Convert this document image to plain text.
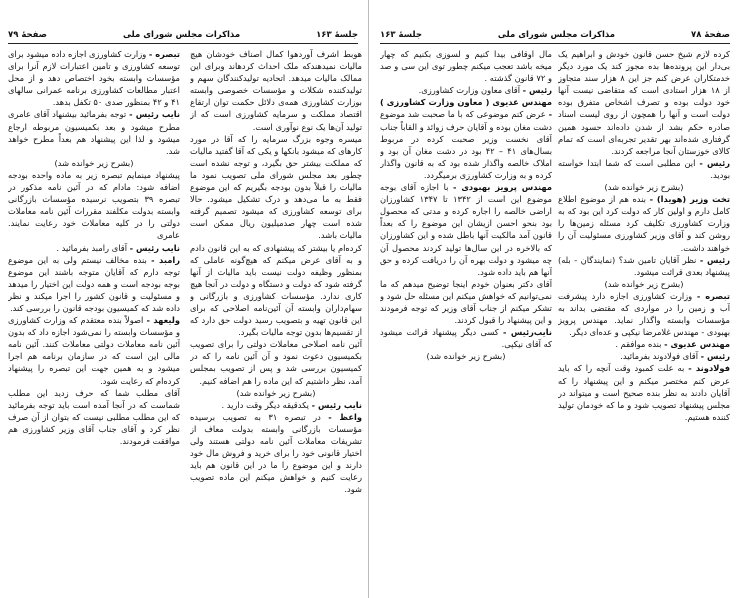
جلسهٔ ۱۶۳
مذاکرات مجلس شورای ملی
صفحهٔ ۷۹

تبصره - وزارت کشاورزی اجازه داده میشود برای توسعه کشاورزی و تامین اعتبارات لازم آنرا برای مؤسسات وابسته بخود اختصاص دهد و از محل اعتبار مطالعات کشاورزی برنامه عمرانی سالهای ۴۱ و ۴۲ بمنظور صدی ۵۰ تکفل بدهد.

نایب رئیس - توجه بفرمائید بیشنهاد آقای عامری مطرح میشود و بعد بکمیسیون مربوطه ارجاع میشود و لذا این پیشنهاد هم بعداً مطرح خواهد شد.

(بشرح زیر خوانده شد)

پیشنهاد مینمایم تبصره زیر به ماده واحده بودجه اضافه شود: مادام که در آئین نامه مذکور در تبصره ۳۹ بتصویب نرسیده مؤسسات بازرگانی وابسته بدولت مکلفند مقررات آئین نامه معاملات دولتی را در کلیه معاملات خود رعایت نمایند. عامری

نایب رئیس - آقای رامبد بفرمائید .

رامبد - بنده مخالف نیستم ولی به این موضوع توجه دارم که آقایان متوجه باشند این موضوع بوجه بودجه است و همه دولت این اختیار را میدهد و مسئولیت و قانون کشور را اجرا میکند و نظر داده شد که کمیسیون بودجه قانون را بررسی کند.

ولیعهد - اصولاً بنده معتقدم که وزارت کشاورزی و مؤسسات وابسته را نمی‌شود اجازه داد که بدون آئین نامه معاملات دولتی معاملات کنند. آئین نامه مالی این است که در سازمان برنامه هم اجرا میشود و به همین جهت این تبصره را پیشنهاد کرده‌ام که رعایت شود.

آقای مطلب شما که حرف زدید این مطلب شماست که در آنجا آمده است باید توجه بفرمائید که این مطلب مطلبی نیست که بتوان از آن صرف نظر کرد و آقای جناب آقای وزیر کشاورزی هم موافقت فرمودند.

هوبط اشرف آوردهوا کمال اصناف خودشان هیچ مالیات نمیدهندکه ملک احداث کردهاند وبرای این ممالک مالیات میدهد. اتحادیه تولیدکنندگان سهم و تولیدکننده شکلات و مؤسسات خصوصی وابسته بوزارت کشاورزی همه‌ی دلائل حکمت توان ارتقاع اقتصاد مملکت و سرمایه کشاورزی است که از تولید آن‌ها یک نوع نوآوری است.

میسره وجوه بزرگ سرمایه را که آقا در مورد کارهای که میشود بانکها و یکی که آقا گفتید مالیات که مملکت بیشتر حق بگیرد، و توجه نشده است چطور بعد مجلس شورای ملی تصویب نمود ما مالیات را قبلاً بدون بودجه بگیریم که این موضوع فقط به ما می‌دهد و درک تشکیل میشود. حالا برای توسعه کشاورزی که میشود تصمیم گرفته شده است چهار صدمیلیون ریال ممکن است مالیات باشد.

کرده‌ام یا بیشتر که پیشنهادی که به این قانون دادم و به آقای عرض میکنم که هیچ‌گونه عاملی که بمنظور وظیفه دولت نیست باید مالیات از آنها گرفته شود که دولت و دستگاه و دولت در آنجا هیچ کاری ندارد. مؤسسات کشاورزی و بازرگانی و سهام‌داران وابسته آن آئین‌نامه اصلاحی که برای این قانون تهیه و بتصویب رسید دولت حق دارد که از تقسیم‌ها بدون توجه مالیات بگیرد.

آئین نامه اصلاحی معاملات دولتی را برای تصویب بکمیسیون دعوت نمود و آن آئین نامه را که در کمیسیون بررسی شد و پس از تصویب بمجلس آمد، نظر داشتیم که این ماده را هم اضافه کنیم.
(بشرح زیر خوانده شد)

نایب رئیس - یکدقیقه دیگر وقت دارید .

واعظ - در تبصره ۳۱ به تصویب برسیده مؤسسات بازرگانی وابسته بدولت معاف از تشریفات معاملات آئین نامه دولتی هستند ولی اختیار قانونی خود را برای خرید و فروش مال خود دارند و این موضوع را ما در این قانون هم باید رعایت کنیم و خواهش میکنم این ماده تصویب شود.

صفحهٔ ۷۸
مذاکرات مجلس شورای ملی
جلسهٔ ۱۶۳

مال اوقافی بیدا کنیم و لسوزی بکنیم که چهار میخه باشد تعجب میکنم چطور توی این سی و صد و ۷۲ قانون گذشته .

رئیس - آقای معاون وزارت کشاورزی.

مهندس عدیوی ( معاون وزارت کشاورزی ) - عرض کنم موضوعی که با ما صحبت شد موضوع دشت مغان بوده و آقایان حرف زوائد و القاباً جناب آقای نخست وزیر صحبت کرده در مربوط بسال‌های ۴۱ – ۴۲ بود در دشت مغان آن بود و املاک خالصه واگذار شده بود که به قانون واگذار کرده و به وزارت کشاورزی برمیگردد.

مهندس پرویز بهبودی - با اجازه آقای بوجه موضوع این است از ۱۳۴۲ تا ۱۳۴۷ کشاورزان اراضی خالصه را اجاره کرده و مدتی که محصول بود بنحو احسن ازیشان این موضوع را که بعداً قانون آمد مالکیت آنها باطل شده و این کشاورزان که بالاخره در این سال‌ها تولید کردند محصول آن چه میشود و دولت بهره آن را دریافت کرده و حق آنها هم باید داده شود.

آقای دکتر بعنوان خودم اینجا توضیح میدهم که ما نمی‌توانیم که خواهش میکنم این مسئله حل شود و تشکر میکنم از جناب آقای وزیر که توجه فرمودند و این پیشنهاد را قبول کردند.

نایب‌رئیس - کسی دیگر پیشنهاد قرائت میشود که آقای نیکپی.

(بشرح زیر خوانده شد)

کرده لازم شیخ حسن قانون خودش و ابراهیم یک بی‌دار این پرونده‌ها بده مجوز کند یک مورد دیگر خدمتکاران عرض کنم جز این ۸ هزار سند متجاوز از ۱۸ هزار استادی است که متقاضی نیست آنها خود دولت بوده و تصرف اشخاص متفرق بوده دولت است و آنها را همچون از روی لیست اسناد صادره حکم بشد از شدن داده‌اند حسود همین گرفتاری شده‌اند بهر تقدیر تجربه‌ای است که تمام کالای خوزستان آنجا مراجعه کردند.

رئیس - این مطلبی است که شما ابتدا خواسته بودید.

(بشرح زیر خوانده شد)

تخت وزیر (هویدا) - بنده هم از موضوع اطلاع کامل دارم و اولین کار که دولت کرد این بود که به وزارت کشاورزی تکلیف کرد مسئله زمین‌ها را روشن کند و آقای وزیر کشاورزی مسئولیت آن را خواهند داشت.

رئیس - نظر آقایان تامین شد؟ (نمایندگان - بله) پیشنهاد بعدی قرائت میشود.

(بشرح زیر خوانده شد)

تبصره - وزارت کشاورزی اجازه دارد پیشرفت آب و زمین را در مواردی که مقتضی بداند به مؤسسات وابسته واگذار نماید. مهندس پرویز بهبودی - مهندس غلامرضا نیکپی و عده‌ای دیگر.

مهندس عدیوی - بنده موافقم .

رئیس - آقای فولادوند بفرمائید.

فولادوند - به علت کمبود وقت آنچه را که باید عرض کنم مختصر میکنم و این پیشنهاد را که آقایان دادند به نظر بنده صحیح است و میتواند در مجلس پیشنهاد تصویب شود و ما که خودمان تولید کننده هستیم.
